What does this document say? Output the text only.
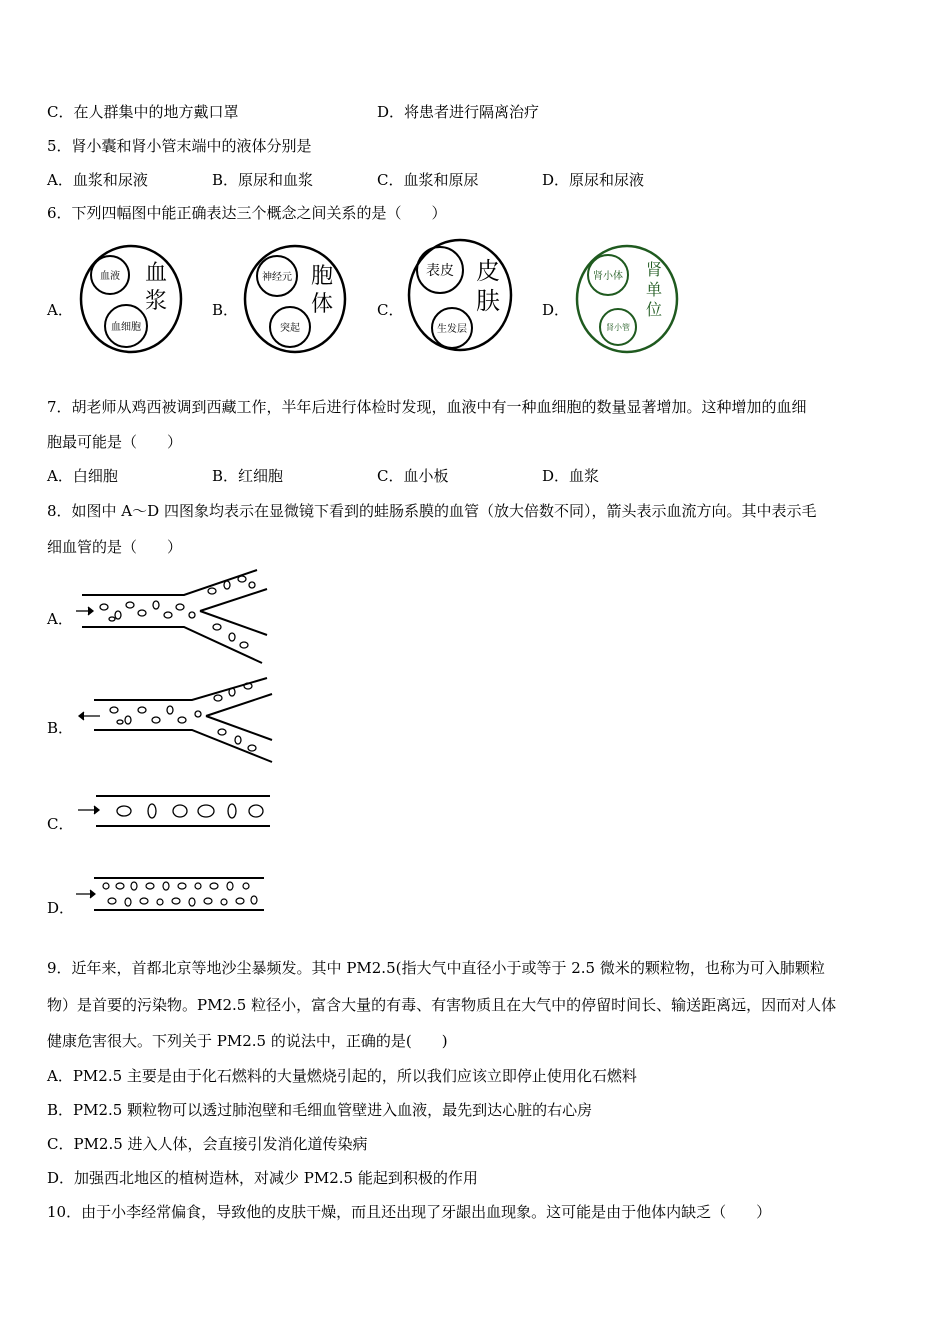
C．在人群集中的地方戴口罩	D．将患者进行隔离治疗
5．肾小囊和肾小管末端中的液体分别是
A．血浆和尿液	B．原尿和血浆	C．血浆和原尿	D．原尿和尿液
6．下列四幅图中能正确表达三个概念之间关系的是（　　）
A．
血液
血细胞
血
浆	B．
神经元
突起
胞
体	C．
表皮
生发层
皮
肤	D．
肾小体
肾小管
肾
单
位
7．胡老师从鸡西被调到西藏工作，半年后进行体检时发现，血液中有一种血细胞的数量显著增加。这种增加的血细
胞最可能是（　　）
A．白细胞	B．红细胞	C．血小板	D．血浆
8．如图中 A～D 四图象均表示在显微镜下看到的蛙肠系膜的血管（放大倍数不同），箭头表示血流方向。其中表示毛
细血管的是（　　）
A．
B．
C．
D．
9．近年来，首都北京等地沙尘暴频发。其中 PM2.5(指大气中直径小于或等于 2.5 微米的颗粒物，也称为可入肺颗粒
物）是首要的污染物。PM2.5 粒径小，富含大量的有毒、有害物质且在大气中的停留时间长、输送距离远，因而对人体
健康危害很大。下列关于 PM2.5 的说法中，正确的是(　　)
A．PM2.5 主要是由于化石燃料的大量燃烧引起的，所以我们应该立即停止使用化石燃料
B．PM2.5 颗粒物可以透过肺泡壁和毛细血管壁进入血液，最先到达心脏的右心房
C．PM2.5 进入人体，会直接引发消化道传染病
D．加强西北地区的植树造林，对减少 PM2.5 能起到积极的作用
10．由于小李经常偏食，导致他的皮肤干燥，而且还出现了牙龈出血现象。这可能是由于他体内缺乏（　　）
